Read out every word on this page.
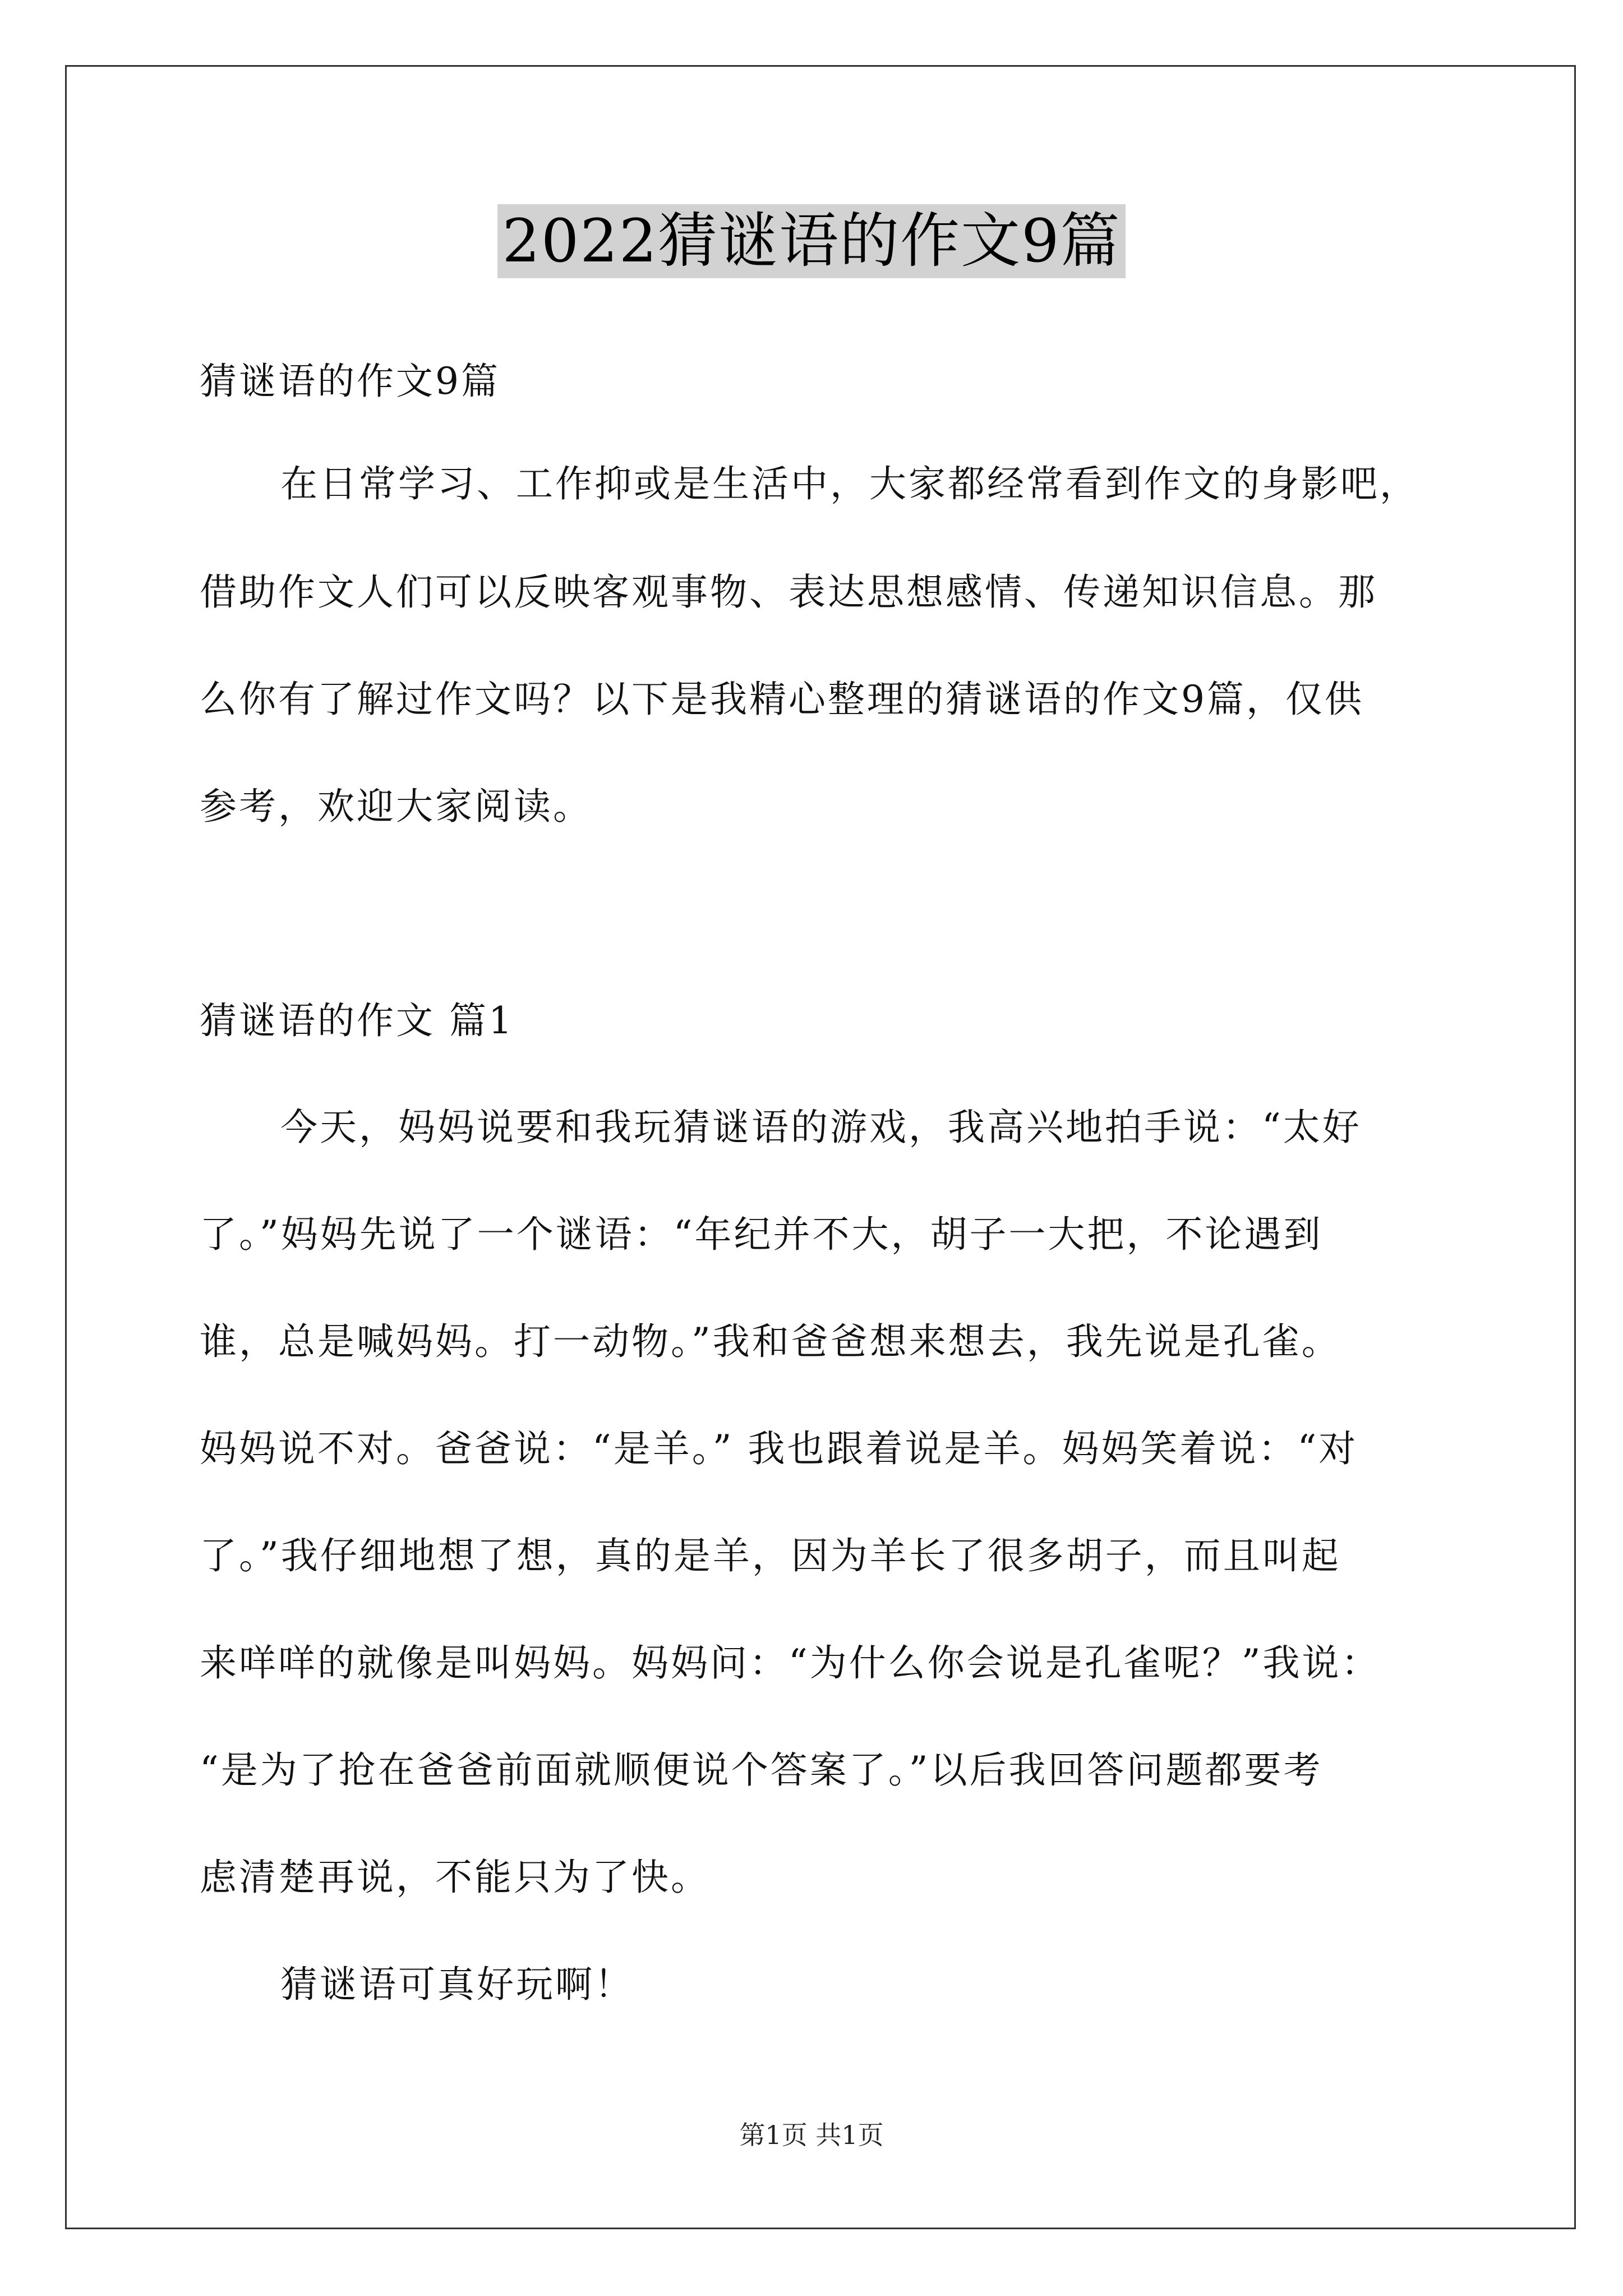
2022猜谜语的作文9篇
猜谜语的作文9篇
在日常学习、工作抑或是生活中，大家都经常看到作文的身影吧，
借助作文人们可以反映客观事物、表达思想感情、传递知识信息。那
么你有了解过作文吗？以下是我精心整理的猜谜语的作文9篇，仅供
参考，欢迎大家阅读。
猜谜语的作文 篇1
今天，妈妈说要和我玩猜谜语的游戏，我高兴地拍手说：“太好
了。”妈妈先说了一个谜语：“年纪并不大，胡子一大把，不论遇到
谁，总是喊妈妈。打一动物。”我和爸爸想来想去，我先说是孔雀。
妈妈说不对。爸爸说：“是羊。” 我也跟着说是羊。妈妈笑着说：“对
了。”我仔细地想了想，真的是羊，因为羊长了很多胡子，而且叫起
来咩咩的就像是叫妈妈。妈妈问：“为什么你会说是孔雀呢？”我说：
“是为了抢在爸爸前面就顺便说个答案了。”以后我回答问题都要考
虑清楚再说，不能只为了快。
猜谜语可真好玩啊！
第1页 共1页
